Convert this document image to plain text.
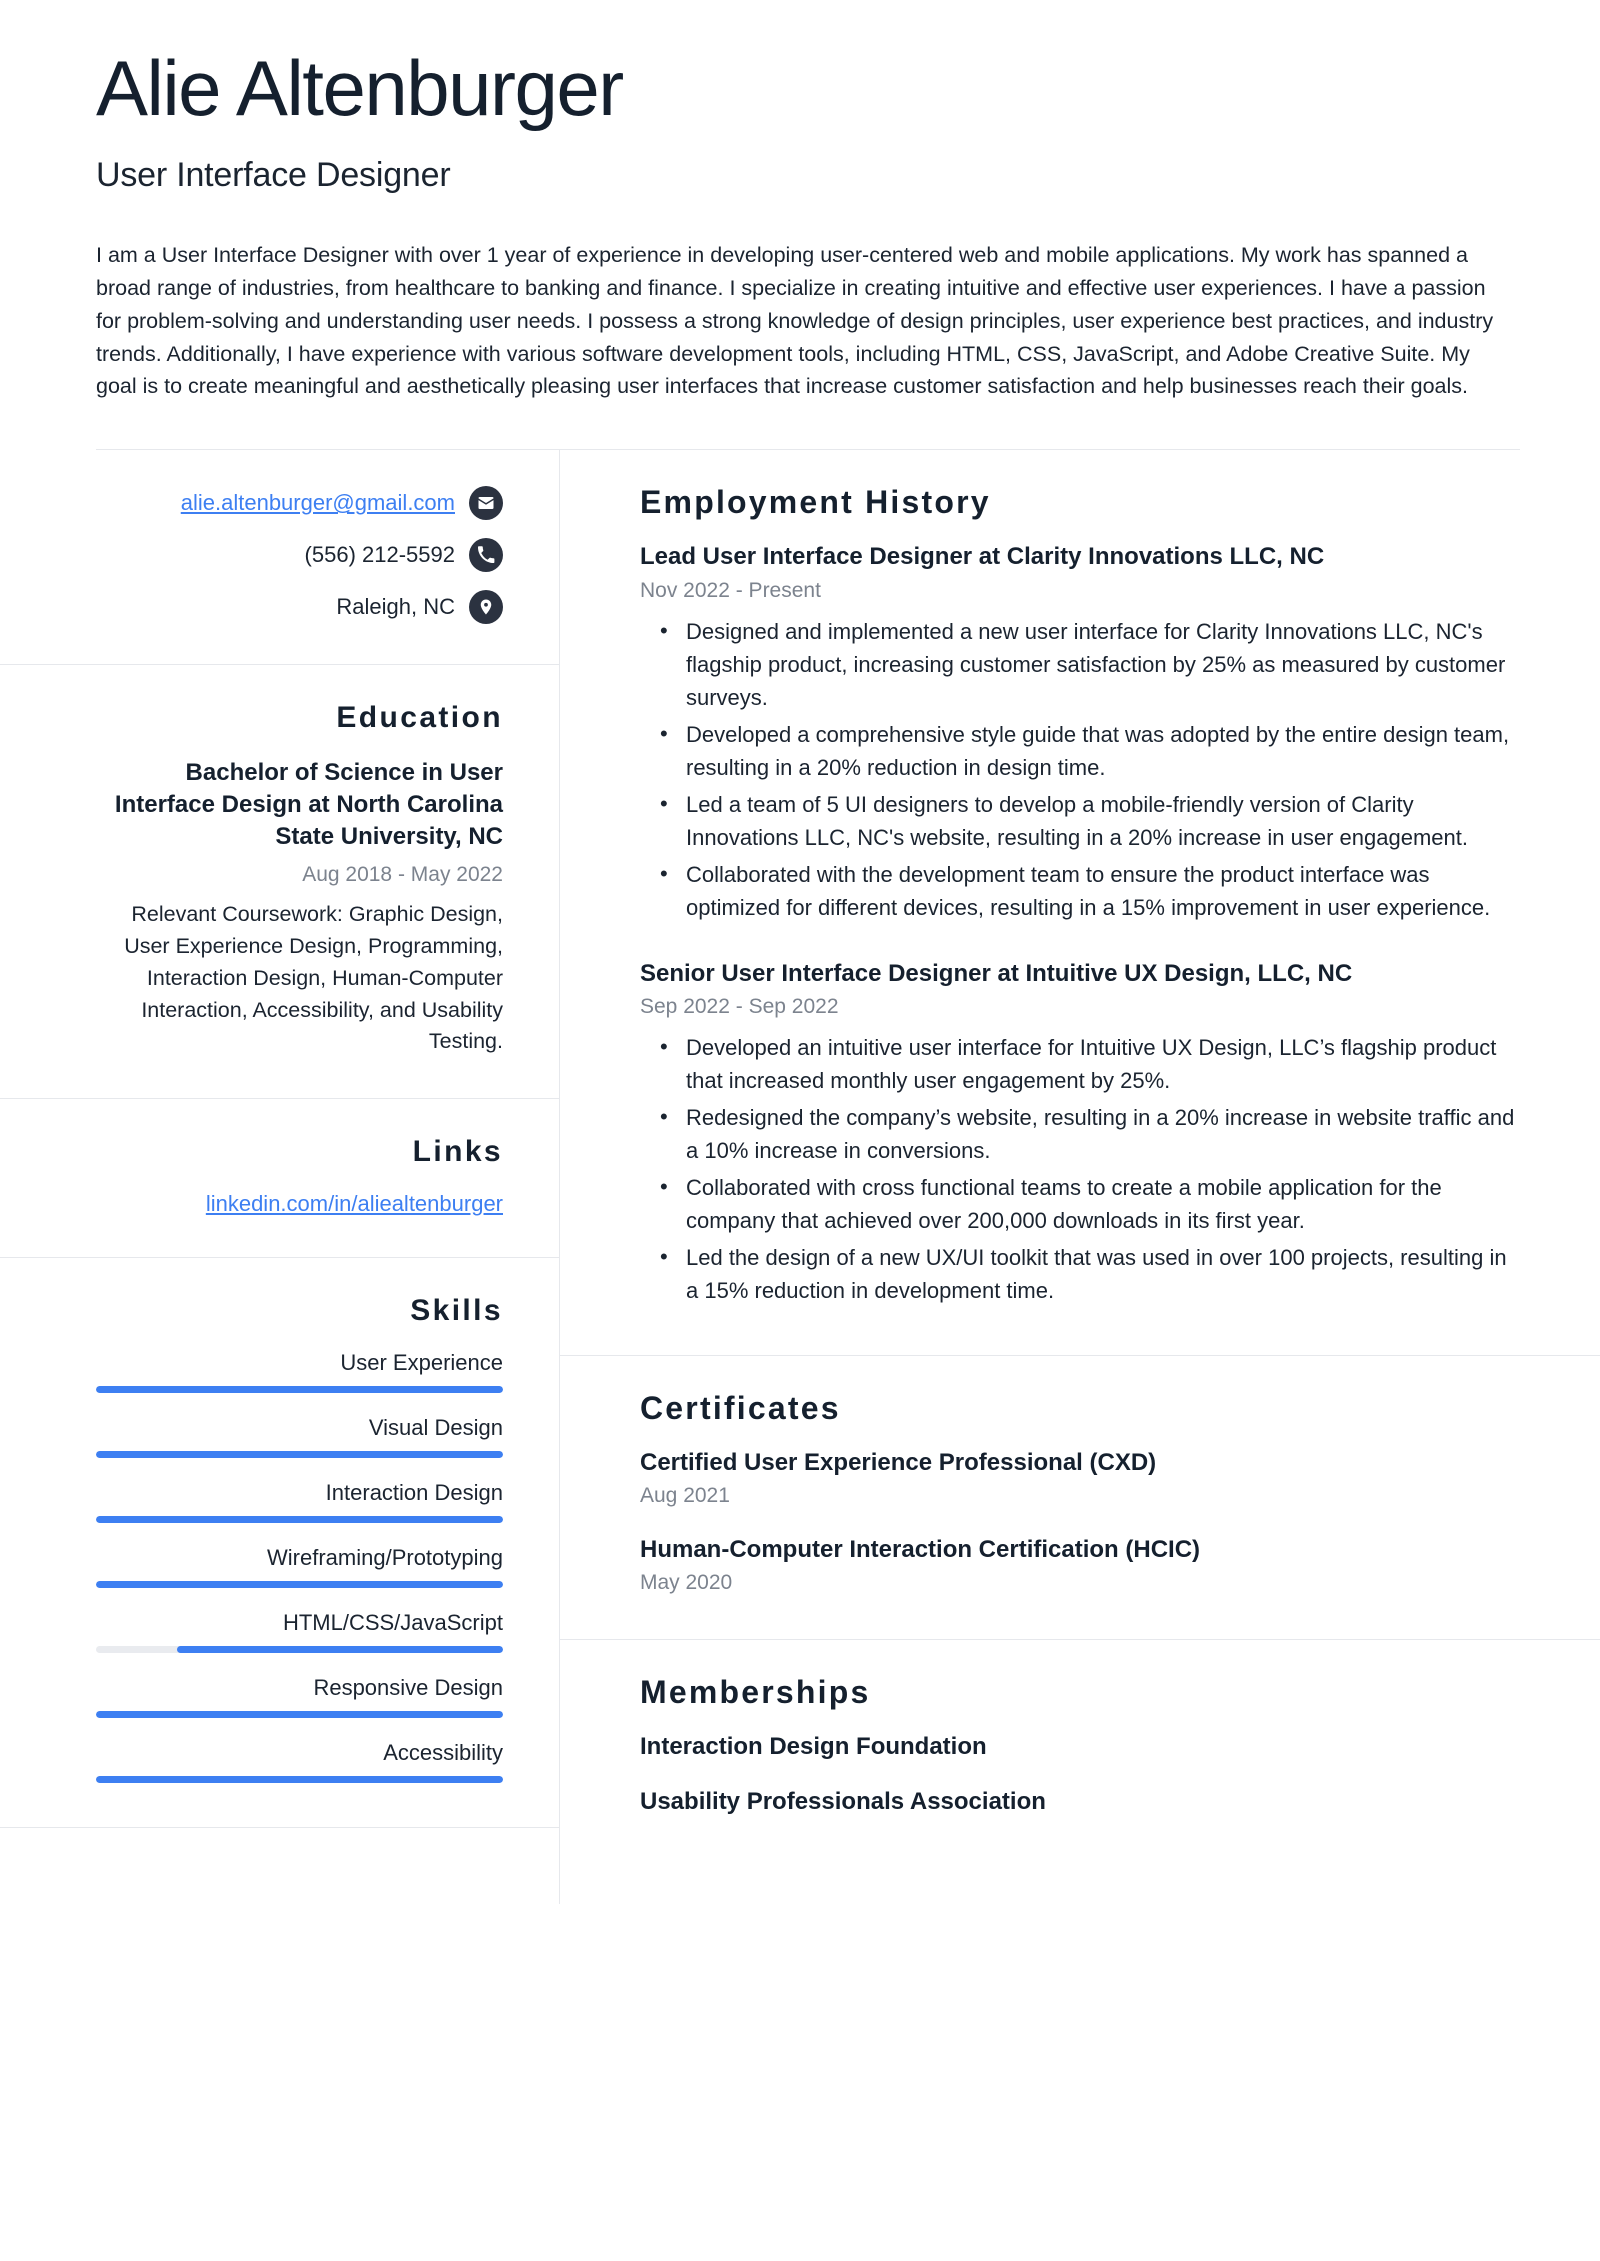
Alie Altenburger
User Interface Designer

I am a User Interface Designer with over 1 year of experience in developing user-centered web and mobile applications. My work has spanned a broad range of industries, from healthcare to banking and finance. I specialize in creating intuitive and effective user experiences. I have a passion for problem-solving and understanding user needs. I possess a strong knowledge of design principles, user experience best practices, and industry trends. Additionally, I have experience with various software development tools, including HTML, CSS, JavaScript, and Adobe Creative Suite. My goal is to create meaningful and aesthetically pleasing user interfaces that increase customer satisfaction and help businesses reach their goals.

alie.altenburger@gmail.com
(556) 212-5592
Raleigh, NC
Education
Bachelor of Science in User Interface Design at North Carolina State University, NC
Aug 2018 - May 2022
Relevant Coursework: Graphic Design, User Experience Design, Programming, Interaction Design, Human-Computer Interaction, Accessibility, and Usability Testing.
Links
linkedin.com/in/aliealtenburger
Skills
User Experience
Visual Design
Interaction Design
Wireframing/Prototyping
HTML/CSS/JavaScript
Responsive Design
Accessibility
Employment History
Lead User Interface Designer at Clarity Innovations LLC, NC
Nov 2022 - Present
• Designed and implemented a new user interface for Clarity Innovations LLC, NC's flagship product, increasing customer satisfaction by 25% as measured by customer surveys.
• Developed a comprehensive style guide that was adopted by the entire design team, resulting in a 20% reduction in design time.
• Led a team of 5 UI designers to develop a mobile-friendly version of Clarity Innovations LLC, NC's website, resulting in a 20% increase in user engagement.
• Collaborated with the development team to ensure the product interface was optimized for different devices, resulting in a 15% improvement in user experience.
Senior User Interface Designer at Intuitive UX Design, LLC, NC
Sep 2022 - Sep 2022
• Developed an intuitive user interface for Intuitive UX Design, LLC’s flagship product that increased monthly user engagement by 25%.
• Redesigned the company’s website, resulting in a 20% increase in website traffic and a 10% increase in conversions.
• Collaborated with cross functional teams to create a mobile application for the company that achieved over 200,000 downloads in its first year.
• Led the design of a new UX/UI toolkit that was used in over 100 projects, resulting in a 15% reduction in development time.
Certificates
Certified User Experience Professional (CXD)
Aug 2021
Human-Computer Interaction Certification (HCIC)
May 2020
Memberships
Interaction Design Foundation
Usability Professionals Association
